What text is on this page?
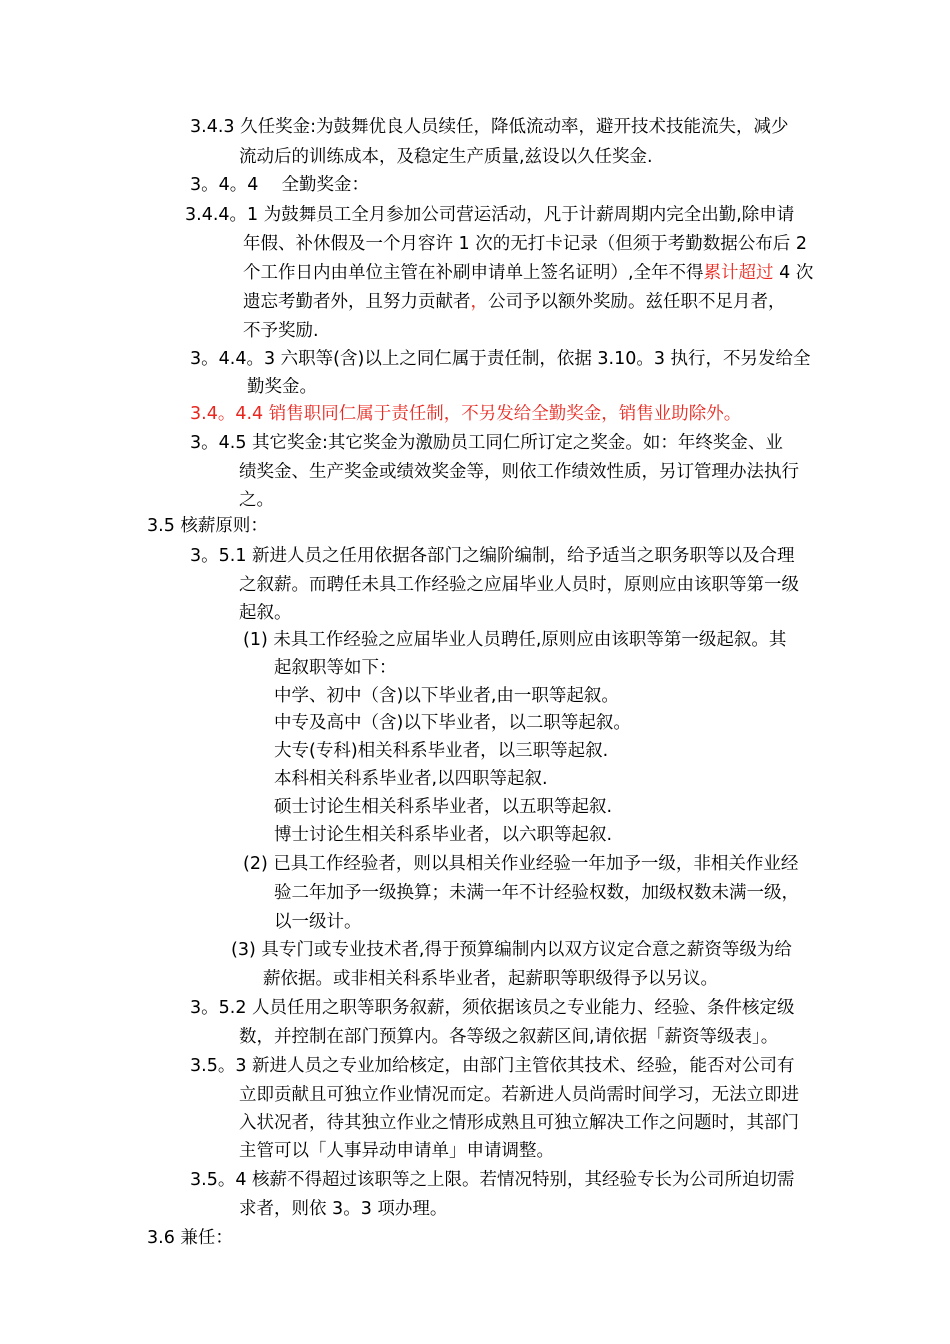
3.4.3 久任奖金:为鼓舞优良人员续任，降低流动率，避开技术技能流失，减少

流动后的训练成本，及稳定生产质量,兹设以久任奖金.

3。4。4　 全勤奖金：

3.4.4。1 为鼓舞员工全月参加公司营运活动，凡于计薪周期内完全出勤,除申请

年假、补休假及一个月容许 1 次的无打卡记录（但须于考勤数据公布后 2

个工作日内由单位主管在补刷申请单上签名证明）,全年不得累计超过 4 次

遗忘考勤者外，且努力贡献者，公司予以额外奖励。兹任职不足月者，

不予奖励.

3。4.4。3 六职等(含)以上之同仁属于责任制，依据 3.10。3 执行，不另发给全

勤奖金。

3.4。4.4 销售职同仁属于责任制，不另发给全勤奖金，销售业助除外。

3。4.5 其它奖金:其它奖金为激励员工同仁所订定之奖金。如：年终奖金、业

绩奖金、生产奖金或绩效奖金等，则依工作绩效性质，另订管理办法执行

之。

3.5 核薪原则：

3。5.1 新进人员之任用依据各部门之编阶编制，给予适当之职务职等以及合理

之叙薪。而聘任未具工作经验之应届毕业人员时，原则应由该职等第一级

起叙。

(1) 未具工作经验之应届毕业人员聘任,原则应由该职等第一级起叙。其

起叙职等如下：

中学、初中（含)以下毕业者,由一职等起叙。

中专及高中（含)以下毕业者，以二职等起叙。

大专(专科)相关科系毕业者，以三职等起叙.

本科相关科系毕业者,以四职等起叙.

硕士讨论生相关科系毕业者，以五职等起叙.

博士讨论生相关科系毕业者，以六职等起叙.

(2) 已具工作经验者，则以具相关作业经验一年加予一级，非相关作业经

验二年加予一级换算；未满一年不计经验权数，加级权数未满一级，

以一级计。

(3) 具专门或专业技术者,得于预算编制内以双方议定合意之薪资等级为给

薪依据。或非相关科系毕业者，起薪职等职级得予以另议。

3。5.2 人员任用之职等职务叙薪，须依据该员之专业能力、经验、条件核定级

数，并控制在部门预算内。各等级之叙薪区间,请依据「薪资等级表」。

3.5。3 新进人员之专业加给核定，由部门主管依其技术、经验，能否对公司有

立即贡献且可独立作业情况而定。若新进人员尚需时间学习，无法立即进

入状况者，待其独立作业之情形成熟且可独立解决工作之问题时，其部门

主管可以「人事异动申请单」申请调整。

3.5。4 核薪不得超过该职等之上限。若情况特别，其经验专长为公司所迫切需

求者，则依 3。3 项办理。

3.6 兼任：
